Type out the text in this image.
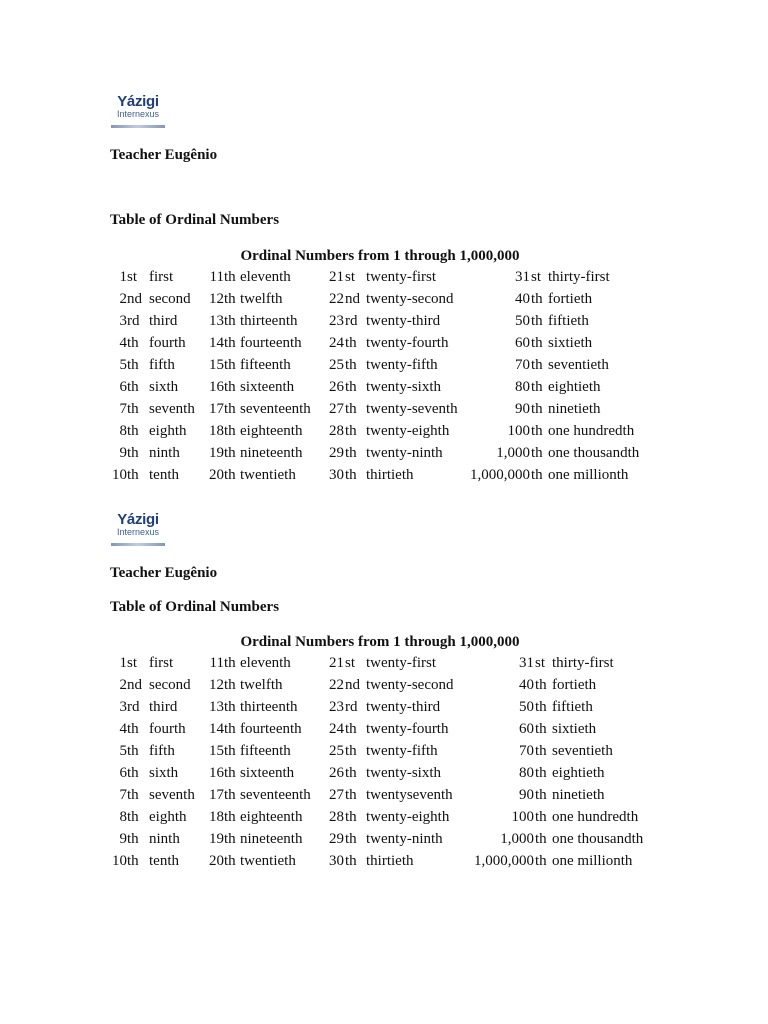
Yázigi
Internexus
Teacher Eugênio
Table of Ordinal Numbers
Ordinal Numbers from 1 through 1,000,000
1 st first	11 th eleventh	21 st twenty-first	31 st thirty-first
2 nd second	12 th twelfth	22 nd twenty-second	40 th fortieth
3 rd third	13 th thirteenth	23 rd twenty-third	50 th fiftieth
4 th fourth	14 th fourteenth	24 th twenty-fourth	60 th sixtieth
5 th fifth	15 th fifteenth	25 th twenty-fifth	70 th seventieth
6 th sixth	16 th sixteenth	26 th twenty-sixth	80 th eightieth
7 th seventh 17 th seventeenth	27 th twenty-seventh	90 th ninetieth
8 th eighth	18 th eighteenth	28 th twenty-eighth	100 th one hundredth
9 th ninth	19 th nineteenth	29 th twenty-ninth	1,000 th one thousandth
10 th tenth	20 th twentieth	30 th thirtieth	1,000,000 th one millionth
Yázigi
Internexus
Teacher Eugênio
Table of Ordinal Numbers
Ordinal Numbers from 1 through 1,000,000
1 st first	11 th eleventh	21 st twenty-first	31 st thirty-first
2 nd second	12 th twelfth	22 nd twenty-second	40 th fortieth
3 rd third	13 th thirteenth	23 rd twenty-third	50 th fiftieth
4 th fourth	14 th fourteenth	24 th twenty-fourth	60 th sixtieth
5 th fifth	15 th fifteenth	25 th twenty-fifth	70 th seventieth
6 th sixth	16 th sixteenth	26 th twenty-sixth	80 th eightieth
7 th seventh 17 th seventeenth	27 th twentyseventh	90 th ninetieth
8 th eighth	18 th eighteenth	28 th twenty-eighth	100 th one hundredth
9 th ninth	19 th nineteenth	29 th twenty-ninth	1,000 th one thousandth
10 th tenth	20 th twentieth	30 th thirtieth	1,000,000 th one millionth
